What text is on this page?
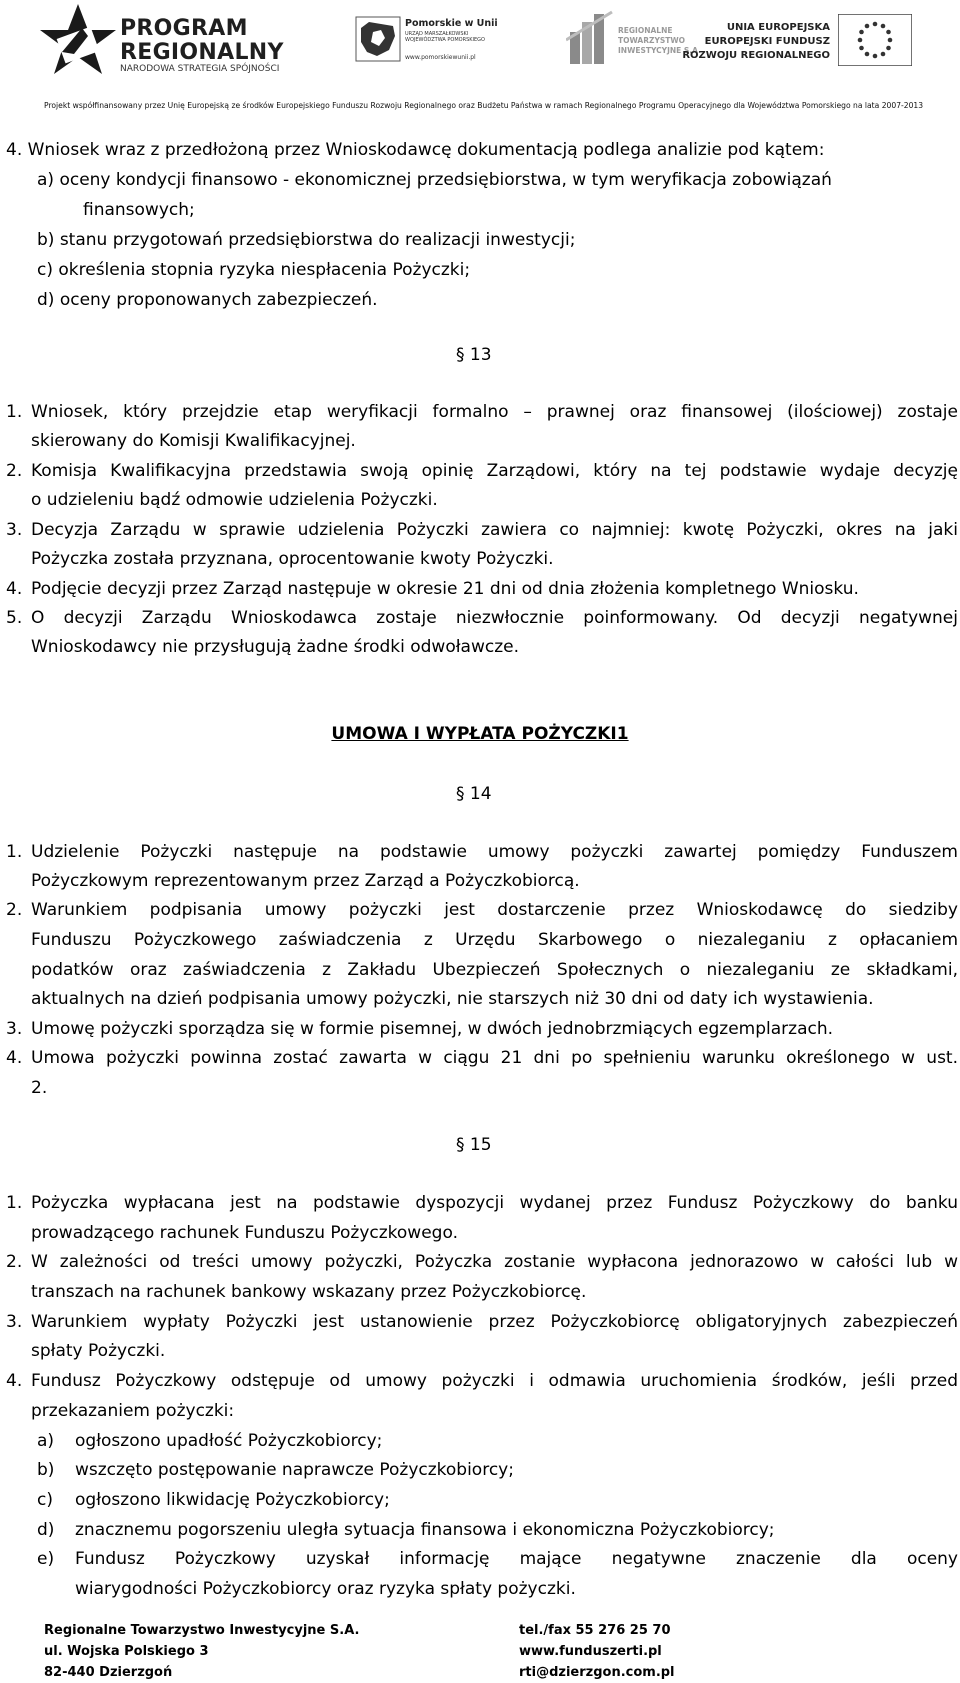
PROGRAM
REGIONALNY
NARODOWA STRATEGIA SPÓJNOŚCI
Pomorskie w Unii
URZĄD MARSZAŁKOWSKI
WOJEWÓDZTWA POMORSKIEGO
www.pomorskiewunii.pl
REGIONALNE
TOWARZYSTWO
INWESTYCYJNE S.A.
UNIA EUROPEJSKA
EUROPEJSKI FUNDUSZ
ROZWOJU REGIONALNEGO
Projekt współfinansowany przez Unię Europejską ze środków Europejskiego Funduszu Rozwoju Regionalnego oraz Budżetu Państwa w ramach Regionalnego Programu Operacyjnego dla Województwa Pomorskiego na lata 2007-2013
4. Wniosek wraz z przedłożoną przez Wnioskodawcę dokumentacją podlega analizie pod kątem:
a) oceny kondycji finansowo - ekonomicznej przedsiębiorstwa, w tym weryfikacja zobowiązań
finansowych;
b) stanu przygotowań przedsiębiorstwa do realizacji inwestycji;
c) określenia stopnia ryzyka niespłacenia Pożyczki;
d) oceny proponowanych zabezpieczeń.
§ 13
1. Wniosek, który przejdzie etap weryfikacji formalno – prawnej oraz finansowej (ilościowej) zostaje
skierowany do Komisji Kwalifikacyjnej.
2. Komisja Kwalifikacyjna przedstawia swoją opinię Zarządowi, który na tej podstawie wydaje decyzję
o udzieleniu bądź odmowie udzielenia Pożyczki.
3. Decyzja Zarządu w sprawie udzielenia Pożyczki zawiera co najmniej: kwotę Pożyczki, okres na jaki
Pożyczka została przyznana, oprocentowanie kwoty Pożyczki.
4. Podjęcie decyzji przez Zarząd następuje w okresie 21 dni od dnia złożenia kompletnego Wniosku.
5. O decyzji Zarządu Wnioskodawca zostaje niezwłocznie poinformowany. Od decyzji negatywnej
Wnioskodawcy nie przysługują żadne środki odwoławcze.
UMOWA I WYPŁATA POŻYCZKI1
§ 14
1. Udzielenie Pożyczki następuje na podstawie umowy pożyczki zawartej pomiędzy Funduszem
Pożyczkowym reprezentowanym przez Zarząd a Pożyczkobiorcą.
2. Warunkiem podpisania umowy pożyczki jest dostarczenie przez Wnioskodawcę do siedziby
Funduszu Pożyczkowego zaświadczenia z Urzędu Skarbowego o niezaleganiu z opłacaniem
podatków oraz zaświadczenia z Zakładu Ubezpieczeń Społecznych o niezaleganiu ze składkami,
aktualnych na dzień podpisania umowy pożyczki, nie starszych niż 30 dni od daty ich wystawienia.
3. Umowę pożyczki sporządza się w formie pisemnej, w dwóch jednobrzmiących egzemplarzach.
4. Umowa pożyczki powinna zostać zawarta w ciągu 21 dni po spełnieniu warunku określonego w ust.
2.
§ 15
1. Pożyczka wypłacana jest na podstawie dyspozycji wydanej przez Fundusz Pożyczkowy do banku
prowadzącego rachunek Funduszu Pożyczkowego.
2. W zależności od treści umowy pożyczki, Pożyczka zostanie wypłacona jednorazowo w całości lub w
transzach na rachunek bankowy wskazany przez Pożyczkobiorcę.
3. Warunkiem wypłaty Pożyczki jest ustanowienie przez Pożyczkobiorcę obligatoryjnych zabezpieczeń
spłaty Pożyczki.
4. Fundusz Pożyczkowy odstępuje od umowy pożyczki i odmawia uruchomienia środków, jeśli przed
przekazaniem pożyczki:
a) ogłoszono upadłość Pożyczkobiorcy;
b) wszczęto postępowanie naprawcze Pożyczkobiorcy;
c) ogłoszono likwidację Pożyczkobiorcy;
d) znacznemu pogorszeniu uległa sytuacja finansowa i ekonomiczna Pożyczkobiorcy;
e) Fundusz Pożyczkowy uzyskał informację mające negatywne znaczenie dla oceny
wiarygodności Pożyczkobiorcy oraz ryzyka spłaty pożyczki.
Regionalne Towarzystwo Inwestycyjne S.A.
ul. Wojska Polskiego 3
82-440 Dzierzgoń
tel./fax 55 276 25 70
www.funduszerti.pl
rti@dzierzgon.com.pl
